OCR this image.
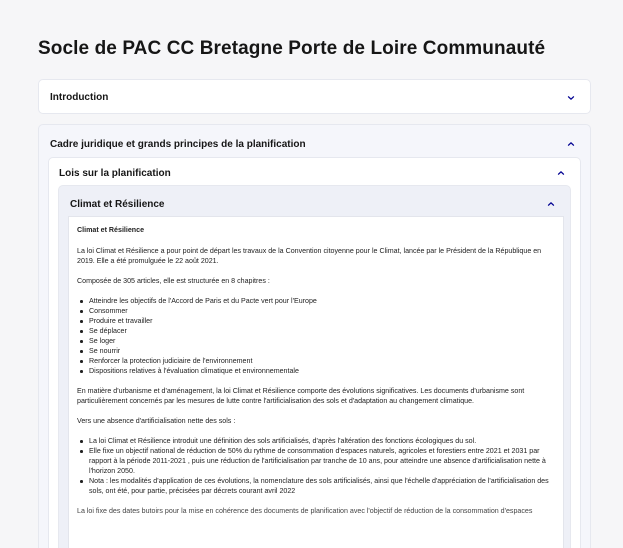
Socle de PAC CC Bretagne Porte de Loire Communauté
Introduction
Cadre juridique et grands principes de la planification
Lois sur la planification
Climat et Résilience
Climat et Résilience

La loi Climat et Résilience a pour point de départ les travaux de la Convention citoyenne pour le Climat, lancée par le Président de la République en 2019. Elle a été promulguée le 22 août 2021.

Composée de 305 articles, elle est structurée en 8 chapitres :

Atteindre les objectifs de l'Accord de Paris et du Pacte vert pour l'Europe
Consommer
Produire et travailler
Se déplacer
Se loger
Se nourrir
Renforcer la protection judiciaire de l'environnement
Dispositions relatives à l'évaluation climatique et environnementale

En matière d'urbanisme et d'aménagement, la loi Climat et Résilience comporte des évolutions significatives. Les documents d'urbanisme sont particulièrement concernés par les mesures de lutte contre l'artificialisation des sols et d'adaptation au changement climatique.

Vers une absence d'artificialisation nette des sols :

La loi Climat et Résilience introduit une définition des sols artificialisés, d'après l'altération des fonctions écologiques du sol.
Elle fixe un objectif national de réduction de 50% du rythme de consommation d'espaces naturels, agricoles et forestiers entre 2021 et 2031 par rapport à la période 2011-2021 , puis une réduction de l'artificialisation par tranche de 10 ans, pour atteindre une absence d'artificialisation nette à l'horizon 2050.
Nota : les modalités d'application de ces évolutions, la nomenclature des sols artificialisés, ainsi que l'échelle d'appréciation de l'artificialisation des sols, ont été, pour partie, précisées par décrets courant avril 2022

La loi fixe des dates butoirs pour la mise en cohérence des documents de planification avec l'objectif de réduction de la consommation d'espaces
